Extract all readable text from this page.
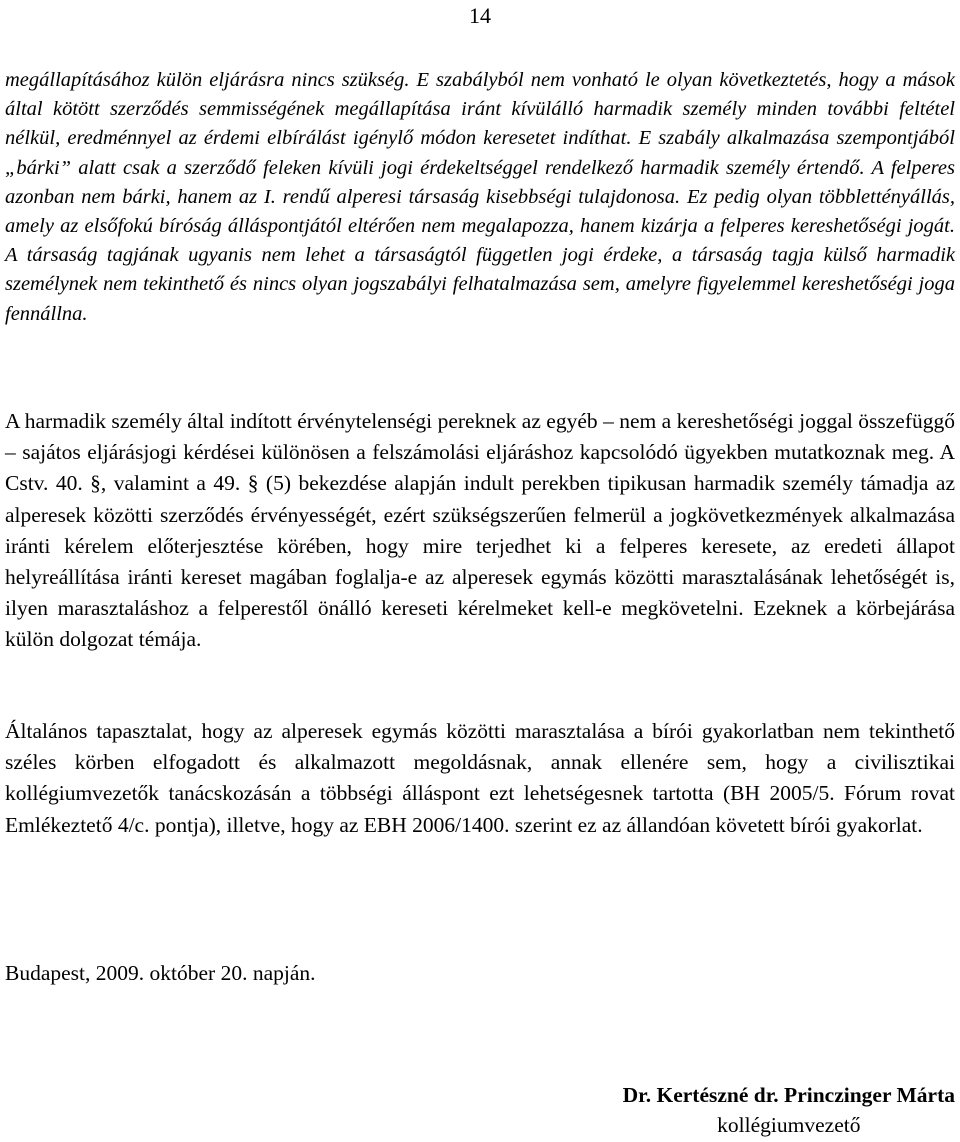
14

megállapításához külön eljárásra nincs szükség. E szabályból nem vonható le olyan következtetés, hogy a mások által kötött szerződés semmisségének megállapítása iránt kívülálló harmadik személy minden további feltétel nélkül, eredménnyel az érdemi elbírálást igénylő módon keresetet indíthat. E szabály alkalmazása szempontjából „bárki” alatt csak a szerződő feleken kívüli jogi érdekeltséggel rendelkező harmadik személy értendő. A felperes azonban nem bárki, hanem az I. rendű alperesi társaság kisebbségi tulajdonosa. Ez pedig olyan többlettényállás, amely az elsőfokú bíróság álláspontjától eltérően nem megalapozza, hanem kizárja a felperes kereshetőségi jogát. A társaság tagjának ugyanis nem lehet a társaságtól független jogi érdeke, a társaság tagja külső harmadik személynek nem tekinthető és nincs olyan jogszabályi felhatalmazása sem, amelyre figyelemmel kereshetőségi joga fennállna.

A harmadik személy által indított érvénytelenségi pereknek az egyéb – nem a kereshetőségi joggal összefüggő – sajátos eljárásjogi kérdései különösen a felszámolási eljáráshoz kapcsolódó ügyekben mutatkoznak meg. A Cstv. 40. §, valamint a 49. § (5) bekezdése alapján indult perekben tipikusan harmadik személy támadja az alperesek közötti szerződés érvényességét, ezért szükségszerűen felmerül a jogkövetkezmények alkalmazása iránti kérelem előterjesztése körében, hogy mire terjedhet ki a felperes keresete, az eredeti állapot helyreállítása iránti kereset magában foglalja-e az alperesek egymás közötti marasztalásának lehetőségét is, ilyen marasztaláshoz a felperestől önálló kereseti kérelmeket kell-e megkövetelni. Ezeknek a körbejárása külön dolgozat témája.

Általános tapasztalat, hogy az alperesek egymás közötti marasztalása a bírói gyakorlatban nem tekinthető széles körben elfogadott és alkalmazott megoldásnak, annak ellenére sem, hogy a civilisztikai kollégiumvezetők tanácskozásán a többségi álláspont ezt lehetségesnek tartotta (BH 2005/5. Fórum rovat Emlékeztető 4/c. pontja), illetve, hogy az EBH 2006/1400. szerint ez az állandóan követett bírói gyakorlat.

Budapest, 2009. október 20. napján.

Dr. Kertészné dr. Princzinger Márta
kollégiumvezető
